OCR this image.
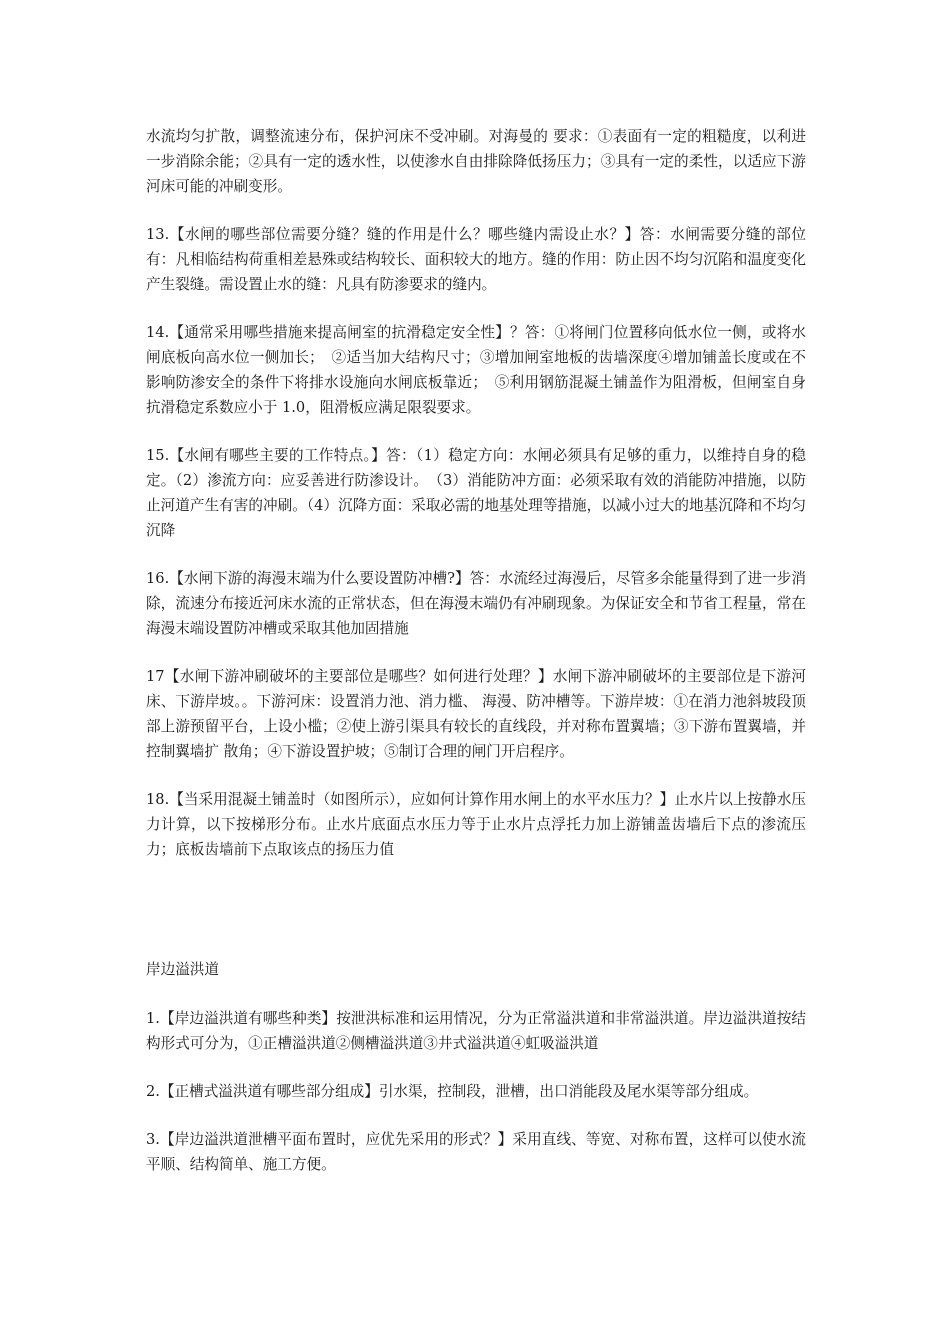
水流均匀扩散，调整流速分布，保护河床不受冲刷。对海曼的 要求：①表面有一定的粗糙度，以利进一步消除余能；②具有一定的透水性，以使渗水自由排除降低扬压力；③具有一定的柔性，以适应下游河床可能的冲刷变形。

13.【水闸的哪些部位需要分缝？缝的作用是什么？哪些缝内需设止水？】答：水闸需要分缝的部位有：凡相临结构荷重相差悬殊或结构较长、面积较大的地方。缝的作用：防止因不均匀沉陷和温度变化产生裂缝。需设置止水的缝：凡具有防渗要求的缝内。

14.【通常采用哪些措施来提高闸室的抗滑稳定安全性】？答：①将闸门位置移向低水位一侧，或将水闸底板向高水位一侧加长；　②适当加大结构尺寸；③增加闸室地板的齿墙深度④增加铺盖长度或在不影响防渗安全的条件下将排水设施向水闸底板靠近；　⑤利用钢筋混凝土铺盖作为阻滑板，但闸室自身抗滑稳定系数应小于 1.0，阻滑板应满足限裂要求。

15.【水闸有哪些主要的工作特点。】答：（1）稳定方向：水闸必须具有足够的重力，以维持自身的稳定。（2）渗流方向：应妥善进行防渗设计。　（3）消能防冲方面：必须采取有效的消能防冲措施，以防止河道产生有害的冲刷。（4）沉降方面：采取必需的地基处理等措施，以减小过大的地基沉降和不均匀 沉降

16.【水闸下游的海漫末端为什么要设置防冲槽?】答：水流经过海漫后，尽管多余能量得到了进一步消除，流速分布接近河床水流的正常状态，但在海漫末端仍有冲刷现象。为保证安全和节省工程量，常在海漫末端设置防冲槽或采取其他加固措施

17【水闸下游冲刷破坏的主要部位是哪些？如何进行处理？】水闸下游冲刷破坏的主要部位是下游河床、下游岸坡。。下游河床：设置消力池、消力槛、 海漫、防冲槽等。下游岸坡：①在消力池斜坡段顶部上游预留平台，上设小槛；②使上游引渠具有较长的直线段，并对称布置翼墙；③下游布置翼墙，并控制翼墙扩 散角；④下游设置护坡；⑤制订合理的闸门开启程序。

18.【当采用混凝土铺盖时（如图所示），应如何计算作用水闸上的水平水压力？】止水片以上按静水压力计算，以下按梯形分布。止水片底面点水压力等于止水片点浮托力加上游铺盖齿墙后下点的渗流压力；底板齿墙前下点取该点的扬压力值

岸边溢洪道

1.【岸边溢洪道有哪些种类】按泄洪标准和运用情况，分为正常溢洪道和非常溢洪道。岸边溢洪道按结构形式可分为，①正槽溢洪道②侧槽溢洪道③井式溢洪道④虹吸溢洪道

2.【正槽式溢洪道有哪些部分组成】引水渠，控制段，泄槽，出口消能段及尾水渠等部分组成。

3.【岸边溢洪道泄槽平面布置时，应优先采用的形式？】采用直线、等宽、对称布置，这样可以使水流平顺、结构简单、施工方便。
